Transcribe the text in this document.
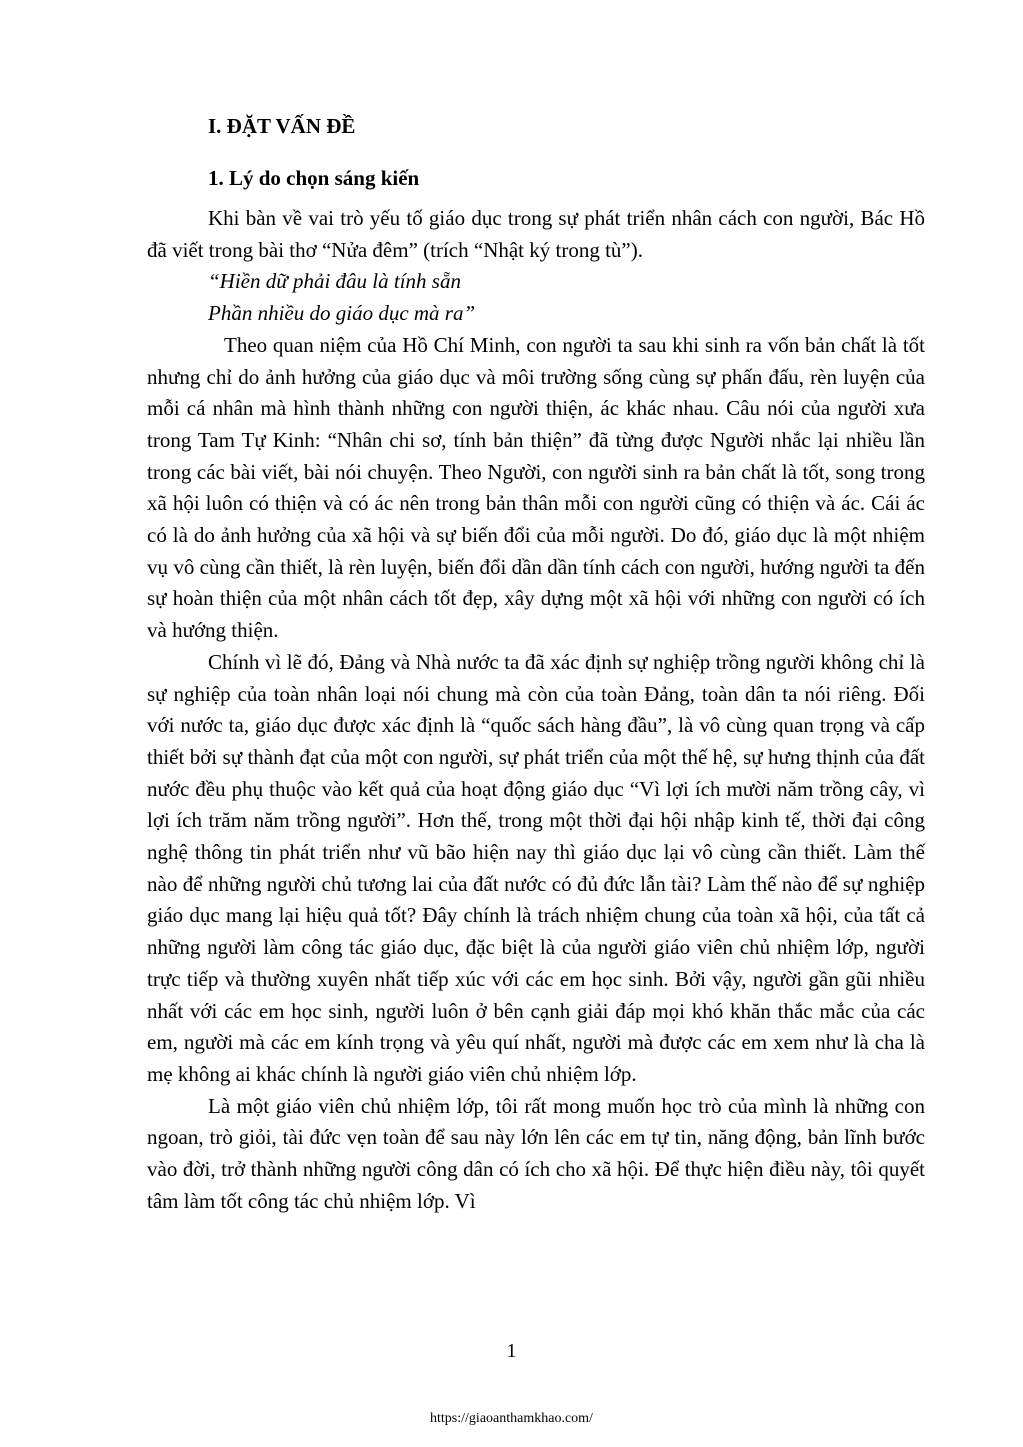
I. ĐẶT VẤN ĐỀ
1. Lý do chọn sáng kiến

Khi bàn về vai trò yếu tố giáo dục trong sự phát triển nhân cách con người, Bác Hồ đã viết trong bài thơ “Nửa đêm” (trích “Nhật ký trong tù”).

“Hiền dữ phải đâu là tính sẵn
Phần nhiều do giáo dục mà ra”

Theo quan niệm của Hồ Chí Minh, con người ta sau khi sinh ra vốn bản chất là tốt nhưng chỉ do ảnh hưởng của giáo dục và môi trường sống cùng sự phấn đấu, rèn luyện của mỗi cá nhân mà hình thành những con người thiện, ác khác nhau. Câu nói của người xưa trong Tam Tự Kinh: “Nhân chi sơ, tính bản thiện” đã từng được Người nhắc lại nhiều lần trong các bài viết, bài nói chuyện. Theo Người, con người sinh ra bản chất là tốt, song trong xã hội luôn có thiện và có ác nên trong bản thân mỗi con người cũng có thiện và ác. Cái ác có là do ảnh hưởng của xã hội và sự biến đổi của mỗi người. Do đó, giáo dục là một nhiệm vụ vô cùng cần thiết, là rèn luyện, biến đổi dần dần tính cách con người, hướng người ta đến sự hoàn thiện của một nhân cách tốt đẹp, xây dựng một xã hội với những con người có ích và hướng thiện.

Chính vì lẽ đó, Đảng và Nhà nước ta đã xác định sự nghiệp trồng người không chỉ là sự nghiệp của toàn nhân loại nói chung mà còn của toàn Đảng, toàn dân ta nói riêng. Đối với nước ta, giáo dục được xác định là “quốc sách hàng đầu”, là vô cùng quan trọng và cấp thiết bởi sự thành đạt của một con người, sự phát triển của một thế hệ, sự hưng thịnh của đất nước đều phụ thuộc vào kết quả của hoạt động giáo dục “Vì lợi ích mười năm trồng cây, vì lợi ích trăm năm trồng người”. Hơn thế, trong một thời đại hội nhập kinh tế, thời đại công nghệ thông tin phát triển như vũ bão hiện nay thì giáo dục lại vô cùng cần thiết. Làm thế nào để những người chủ tương lai của đất nước có đủ đức lẫn tài? Làm thế nào để sự nghiệp giáo dục mang lại hiệu quả tốt? Đây chính là trách nhiệm chung của toàn xã hội, của tất cả những người làm công tác giáo dục, đặc biệt là của người giáo viên chủ nhiệm lớp, người trực tiếp và thường xuyên nhất tiếp xúc với các em học sinh. Bởi vậy, người gần gũi nhiều nhất với các em học sinh, người luôn ở bên cạnh giải đáp mọi khó khăn thắc mắc của các em, người mà các em kính trọng và yêu quí nhất, người mà được các em xem như là cha là mẹ không ai khác chính là người giáo viên chủ nhiệm lớp.

Là một giáo viên chủ nhiệm lớp, tôi rất mong muốn học trò của mình là những con ngoan, trò giỏi, tài đức vẹn toàn để sau này lớn lên các em tự tin, năng động, bản lĩnh bước vào đời, trở thành những người công dân có ích cho xã hội. Để thực hiện điều này, tôi quyết tâm làm tốt công tác chủ nhiệm lớp. Vì

1

https://giaoanthamkhao.com/
